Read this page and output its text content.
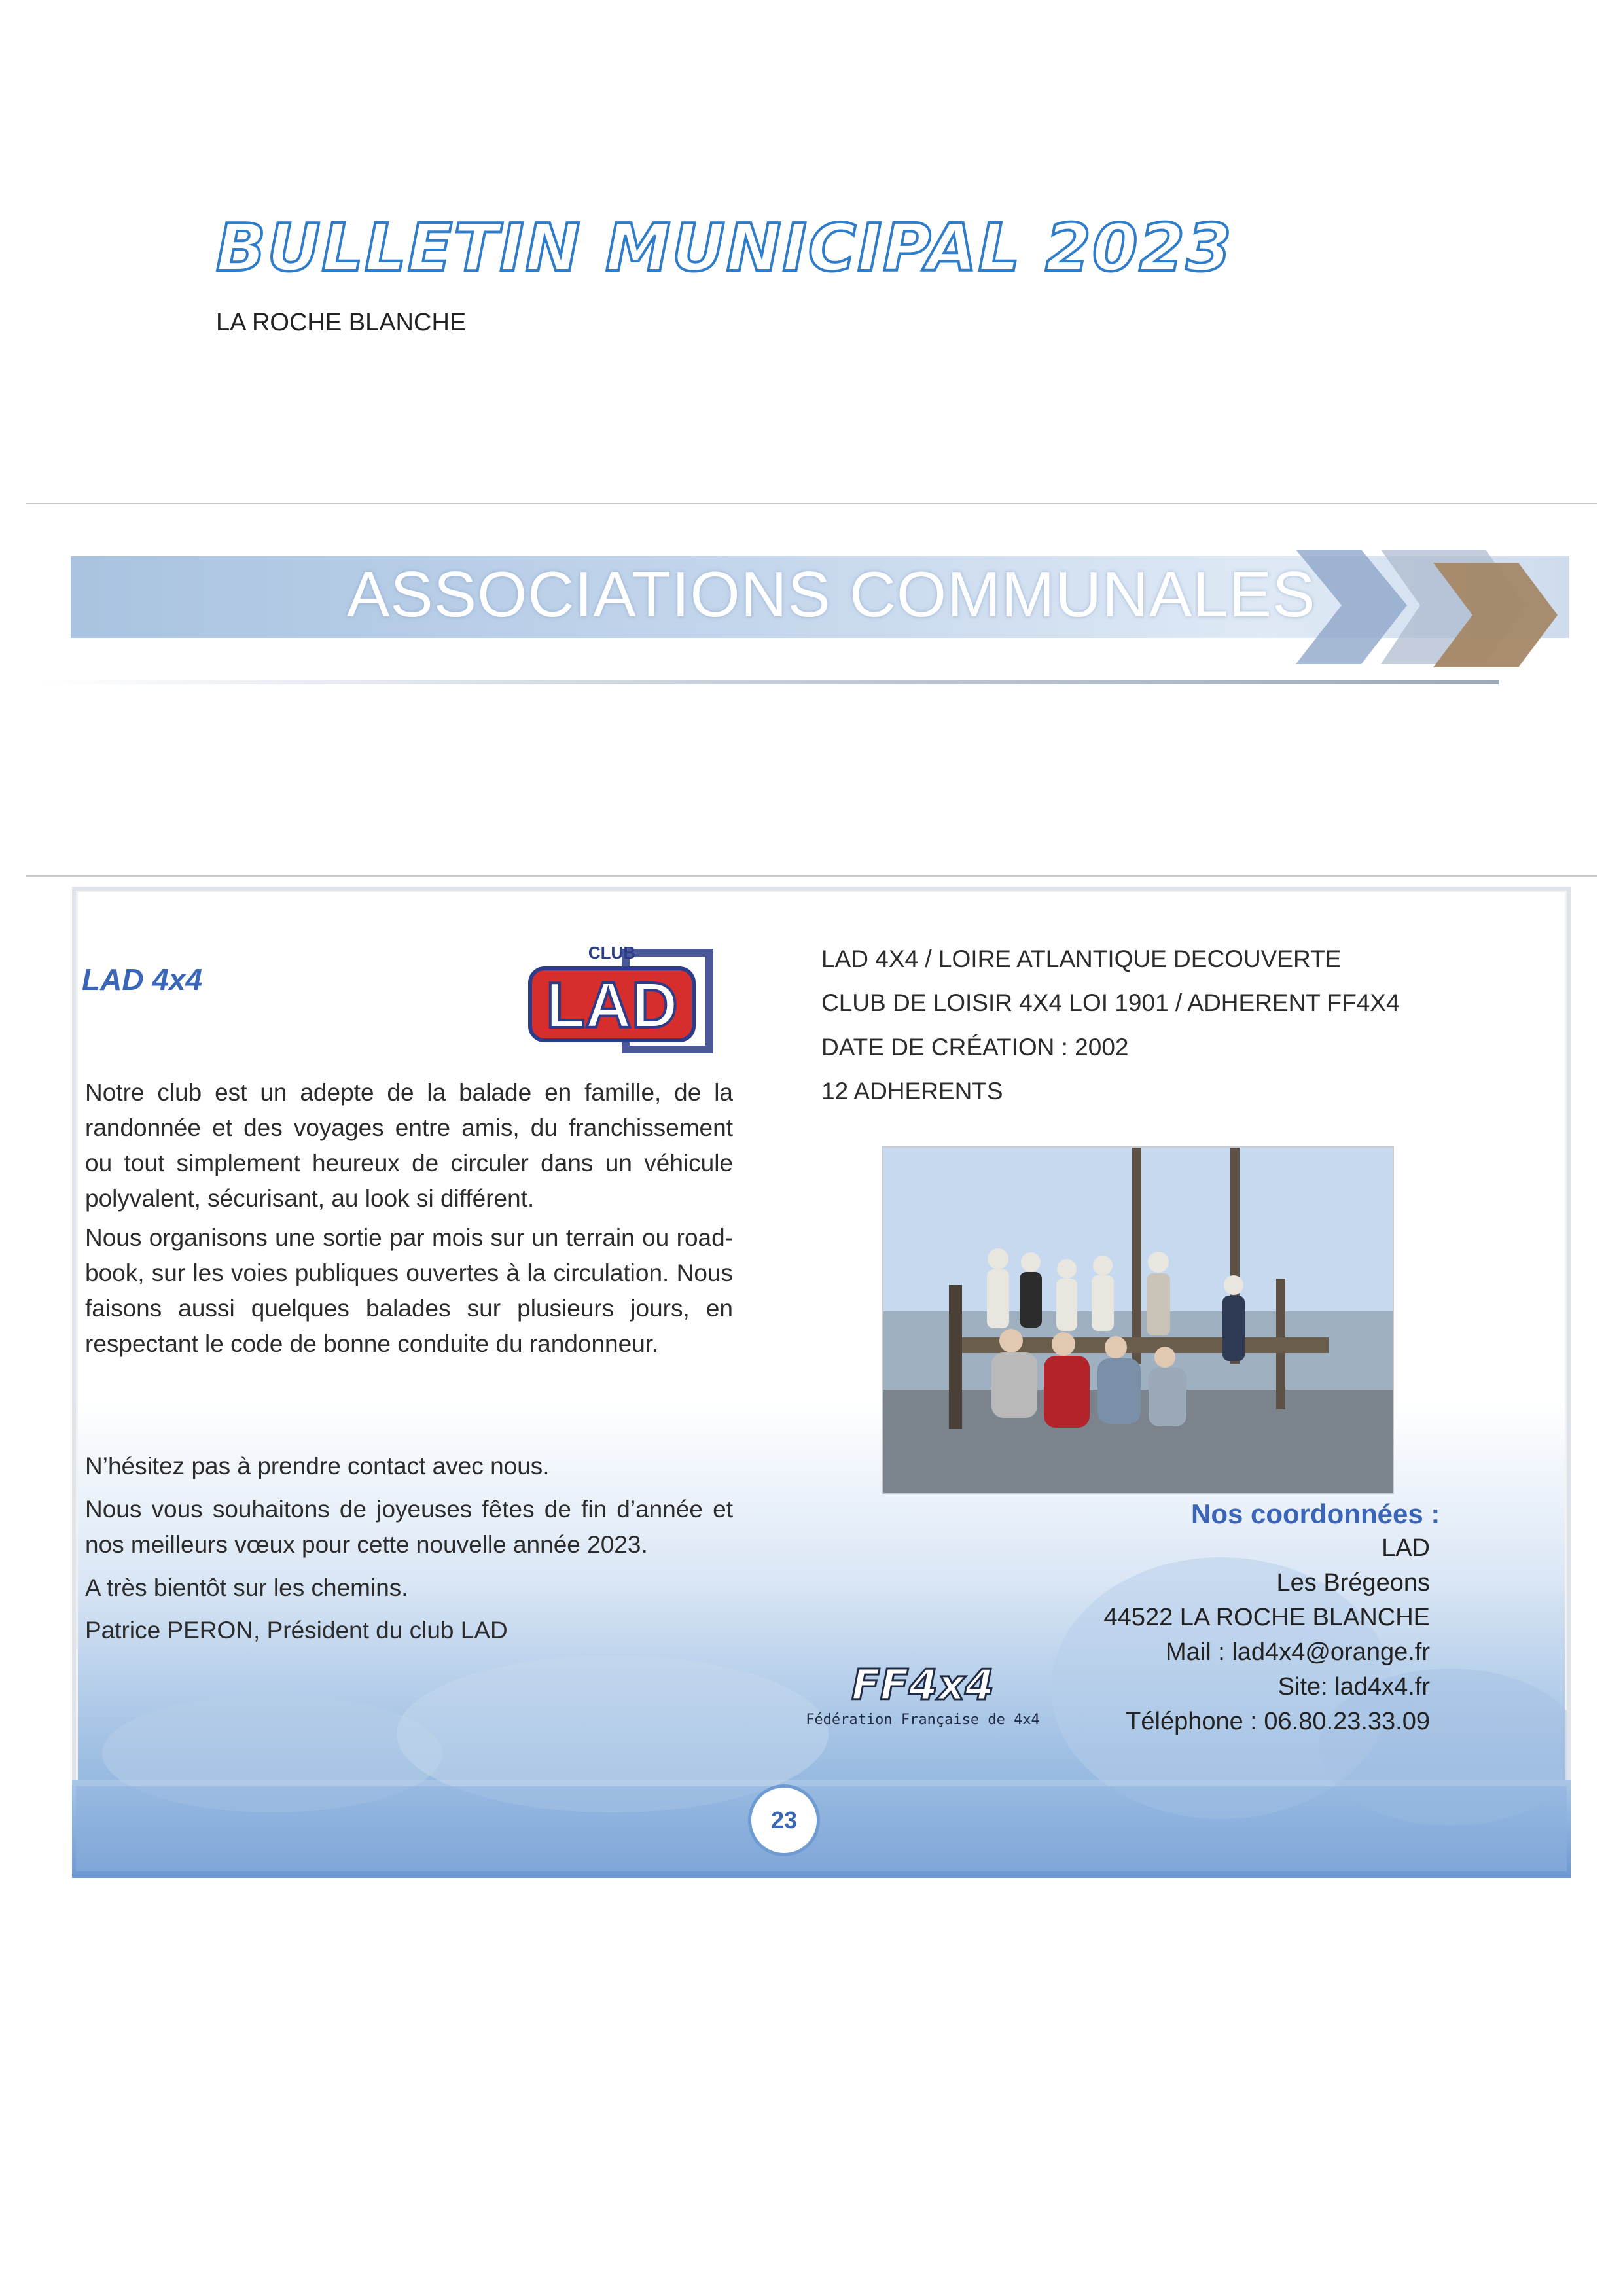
BULLETIN MUNICIPAL 2023
LA ROCHE BLANCHE
ASSOCIATIONS COMMUNALES
LAD 4x4
CLUB
LAD
Notre club est un adepte de la balade en famille, de la randonnée et des voyages entre amis, du franchissement ou tout simplement heureux de circuler dans un véhicule polyvalent, sécurisant, au look si différent.
Nous organisons une sortie par mois sur un terrain ou road-book, sur les voies publiques ouvertes à la circulation. Nous faisons aussi quelques balades sur plusieurs jours, en respectant le code de bonne conduite du randonneur.
N’hésitez pas à prendre contact avec nous.
Nous vous souhaitons de joyeuses fêtes de fin d’année et nos meilleurs vœux pour cette nouvelle année 2023.
A très bientôt sur les chemins.
Patrice PERON, Président du club LAD
LAD 4X4 / LOIRE ATLANTIQUE DECOUVERTE
CLUB DE LOISIR 4X4 LOI 1901 / ADHERENT FF4X4
DATE DE CRÉATION : 2002
12 ADHERENTS
Nos coordonnées :
LAD
Les Brégeons
44522 LA ROCHE BLANCHE
Mail : lad4x4@orange.fr
Site: lad4x4.fr
Téléphone : 06.80.23.33.09
FF4x4
Fédération Française de 4x4
23
